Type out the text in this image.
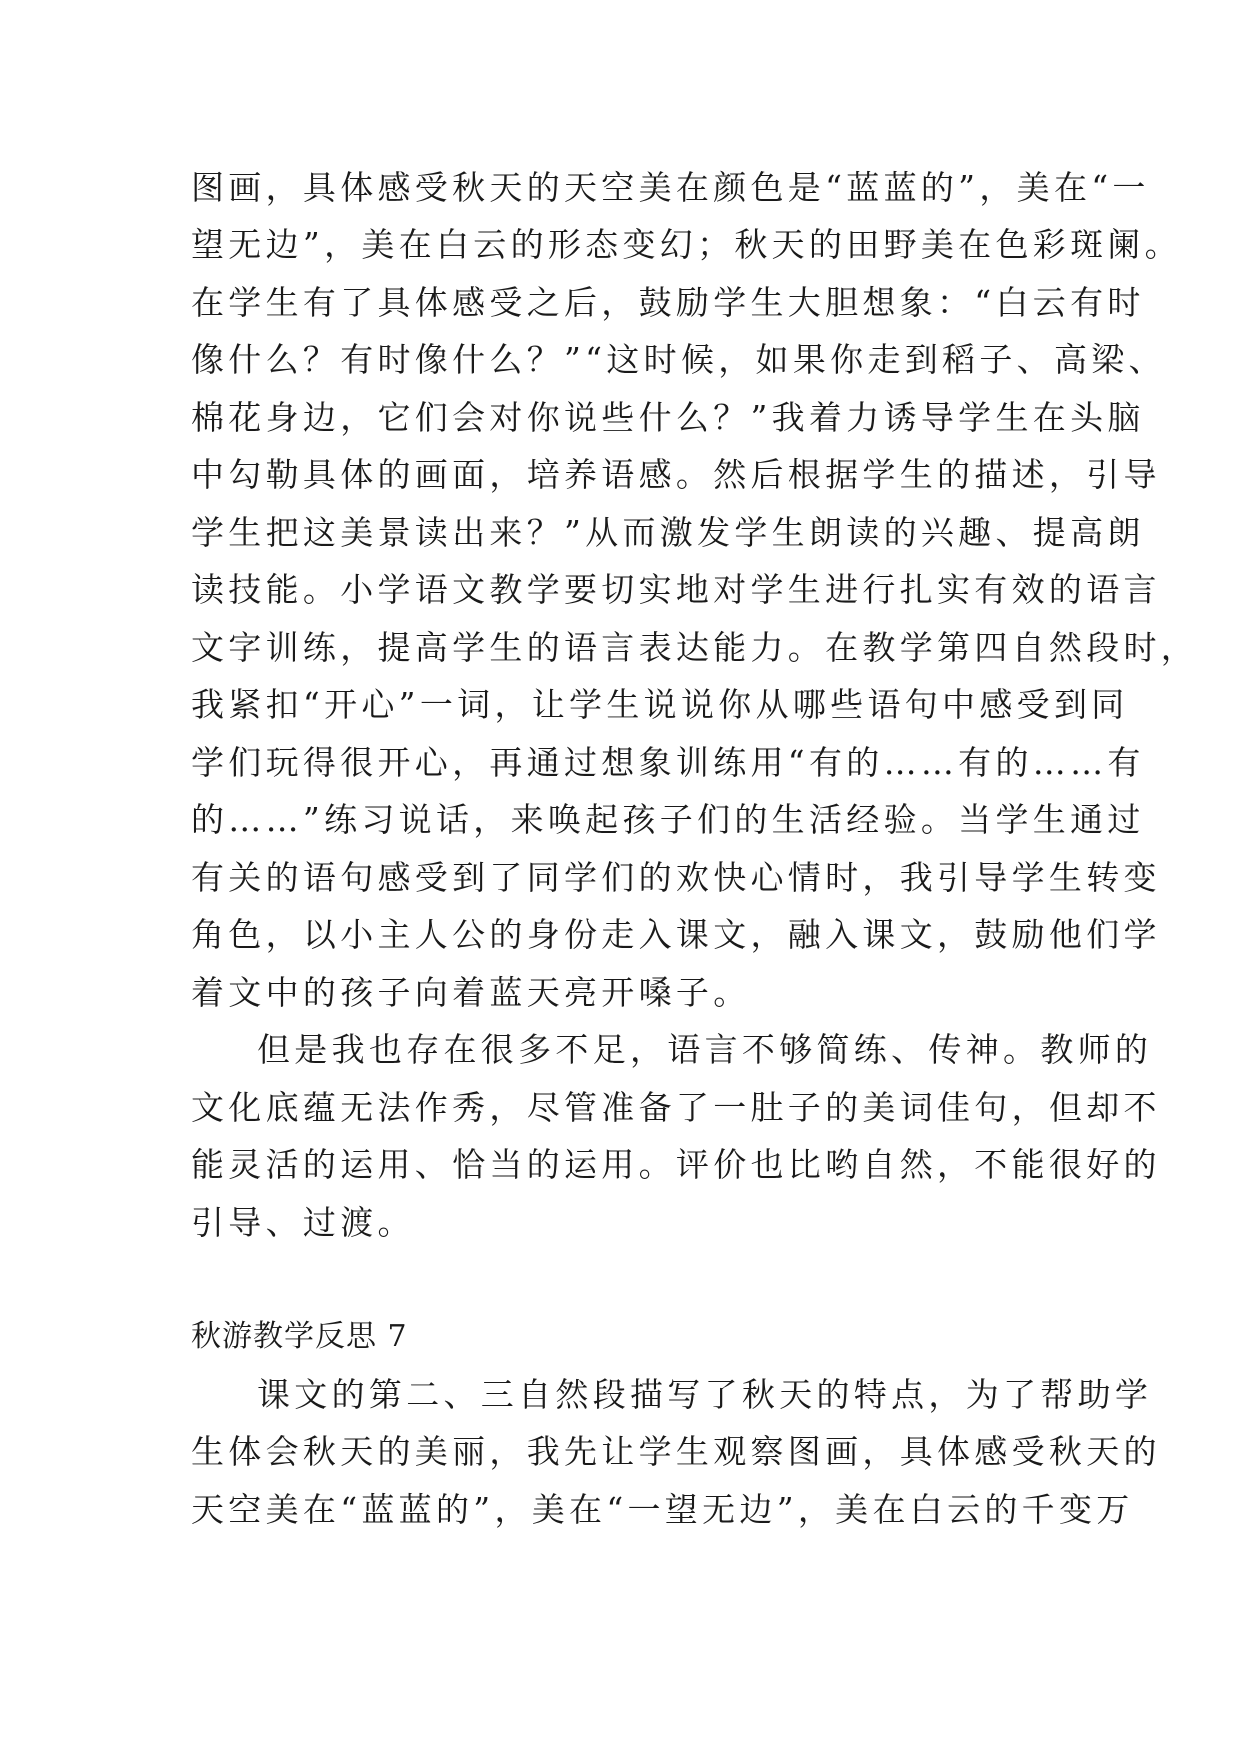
图画，具体感受秋天的天空美在颜色是“蓝蓝的”，美在“一
望无边”，美在白云的形态变幻；秋天的田野美在色彩斑阑。
在学生有了具体感受之后，鼓励学生大胆想象：“白云有时
像什么？有时像什么？”“这时候，如果你走到稻子、高梁、
棉花身边，它们会对你说些什么？”我着力诱导学生在头脑
中勾勒具体的画面，培养语感。然后根据学生的描述，引导
学生把这美景读出来？”从而激发学生朗读的兴趣、提高朗
读技能。小学语文教学要切实地对学生进行扎实有效的语言
文字训练，提高学生的语言表达能力。在教学第四自然段时，
我紧扣“开心”一词，让学生说说你从哪些语句中感受到同
学们玩得很开心，再通过想象训练用“有的……有的……有
的……”练习说话，来唤起孩子们的生活经验。当学生通过
有关的语句感受到了同学们的欢快心情时，我引导学生转变
角色，以小主人公的身份走入课文，融入课文，鼓励他们学
着文中的孩子向着蓝天亮开嗓子。
但是我也存在很多不足，语言不够简练、传神。教师的
文化底蕴无法作秀，尽管准备了一肚子的美词佳句，但却不
能灵活的运用、恰当的运用。评价也比哟自然，不能很好的
引导、过渡。
秋游教学反思 7
课文的第二、三自然段描写了秋天的特点，为了帮助学
生体会秋天的美丽，我先让学生观察图画，具体感受秋天的
天空美在“蓝蓝的”，美在“一望无边”，美在白云的千变万
